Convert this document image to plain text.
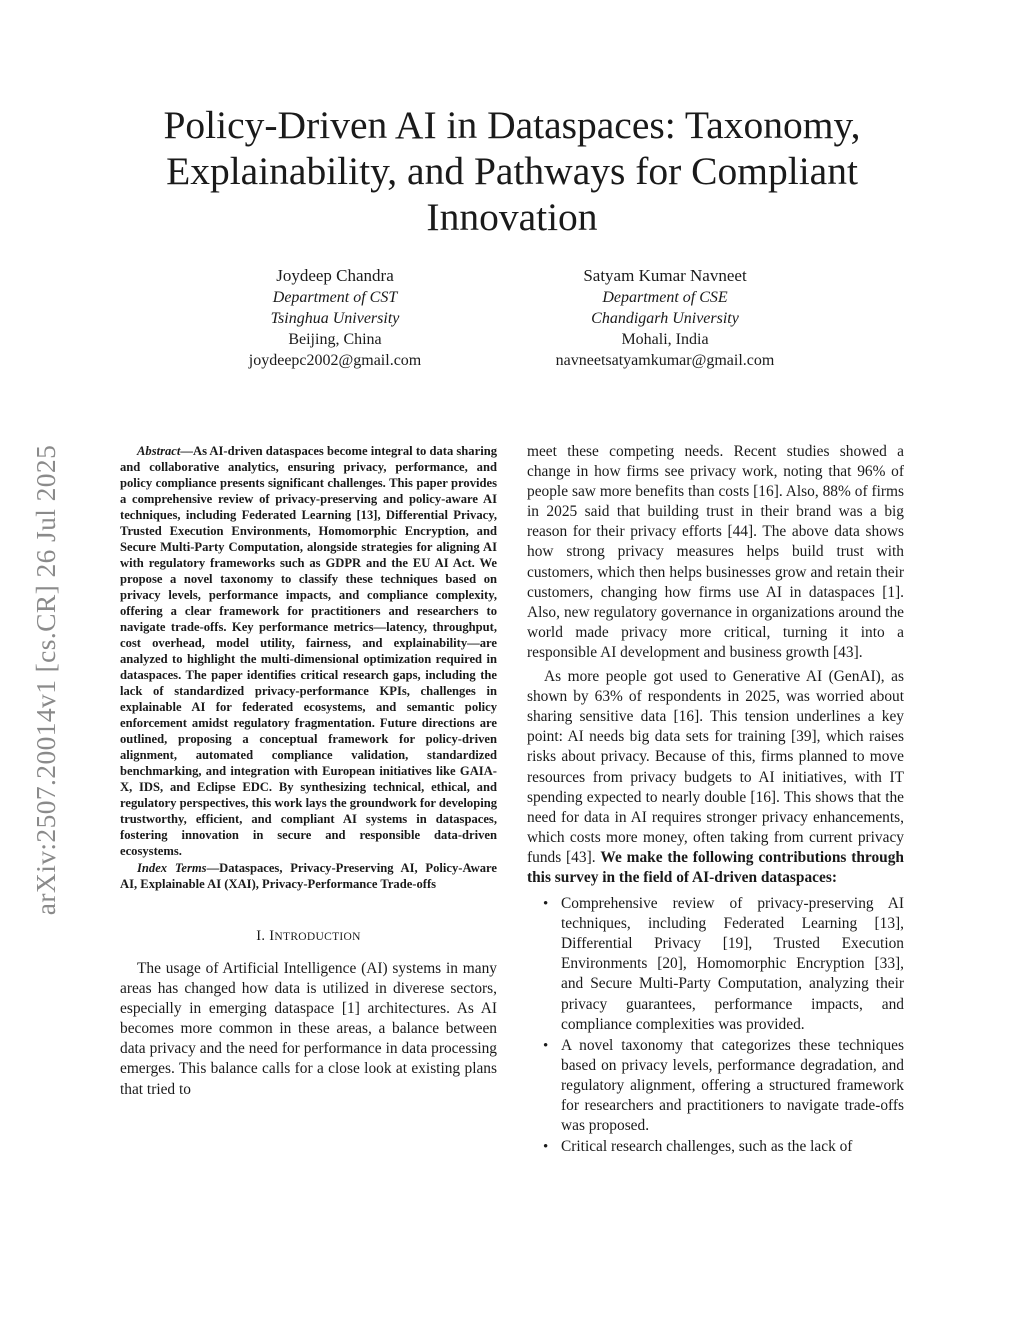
arXiv:2507.20014v1 [cs.CR] 26 Jul 2025
Policy-Driven AI in Dataspaces: Taxonomy, Explainability, and Pathways for Compliant Innovation
Joydeep Chandra
Department of CST
Tsinghua University
Beijing, China
joydeepc2002@gmail.com
Satyam Kumar Navneet
Department of CSE
Chandigarh University
Mohali, India
navneetsatyamkumar@gmail.com

Abstract—As AI-driven dataspaces become integral to data sharing and collaborative analytics, ensuring privacy, performance, and policy compliance presents significant challenges. This paper provides a comprehensive review of privacy-preserving and policy-aware AI techniques, including Federated Learning [13], Differential Privacy, Trusted Execution Environments, Homomorphic Encryption, and Secure Multi-Party Computation, alongside strategies for aligning AI with regulatory frameworks such as GDPR and the EU AI Act. We propose a novel taxonomy to classify these techniques based on privacy levels, performance impacts, and compliance complexity, offering a clear framework for practitioners and researchers to navigate trade-offs. Key performance metrics—latency, throughput, cost overhead, model utility, fairness, and explainability—are analyzed to highlight the multi-dimensional optimization required in dataspaces. The paper identifies critical research gaps, including the lack of standardized privacy-performance KPIs, challenges in explainable AI for federated ecosystems, and semantic policy enforcement amidst regulatory fragmentation. Future directions are outlined, proposing a conceptual framework for policy-driven alignment, automated compliance validation, standardized benchmarking, and integration with European initiatives like GAIA-X, IDS, and Eclipse EDC. By synthesizing technical, ethical, and regulatory perspectives, this work lays the groundwork for developing trustworthy, efficient, and compliant AI systems in dataspaces, fostering innovation in secure and responsible data-driven ecosystems.

Index Terms—Dataspaces, Privacy-Preserving AI, Policy-Aware AI, Explainable AI (XAI), Privacy-Performance Trade-offs

I. INTRODUCTION

The usage of Artificial Intelligence (AI) systems in many areas has changed how data is utilized in diverese sectors, especially in emerging dataspace [1] architectures. As AI becomes more common in these areas, a balance between data privacy and the need for performance in data processing emerges. This balance calls for a close look at existing plans that tried to

meet these competing needs. Recent studies showed a change in how firms see privacy work, noting that 96% of people saw more benefits than costs [16]. Also, 88% of firms in 2025 said that building trust in their brand was a big reason for their privacy efforts [44]. The above data shows how strong privacy measures helps build trust with customers, which then helps businesses grow and retain their customers, changing how firms use AI in dataspaces [1]. Also, new regulatory governance in organizations around the world made privacy more critical, turning it into a responsible AI development and business growth [43].

As more people got used to Generative AI (GenAI), as shown by 63% of respondents in 2025, was worried about sharing sensitive data [16]. This tension underlines a key point: AI needs big data sets for training [39], which raises risks about privacy. Because of this, firms planned to move resources from privacy budgets to AI initiatives, with IT spending expected to nearly double [16]. This shows that the need for data in AI requires stronger privacy enhancements, which costs more money, often taking from current privacy funds [43]. We make the following contributions through this survey in the field of AI-driven dataspaces:

• Comprehensive review of privacy-preserving AI techniques, including Federated Learning [13], Differential Privacy [19], Trusted Execution Environments [20], Homomorphic Encryption [33], and Secure Multi-Party Computation, analyzing their privacy guarantees, performance impacts, and compliance complexities was provided.
• A novel taxonomy that categorizes these techniques based on privacy levels, performance degradation, and regulatory alignment, offering a structured framework for researchers and practitioners to navigate trade-offs was proposed.
• Critical research challenges, such as the lack of
